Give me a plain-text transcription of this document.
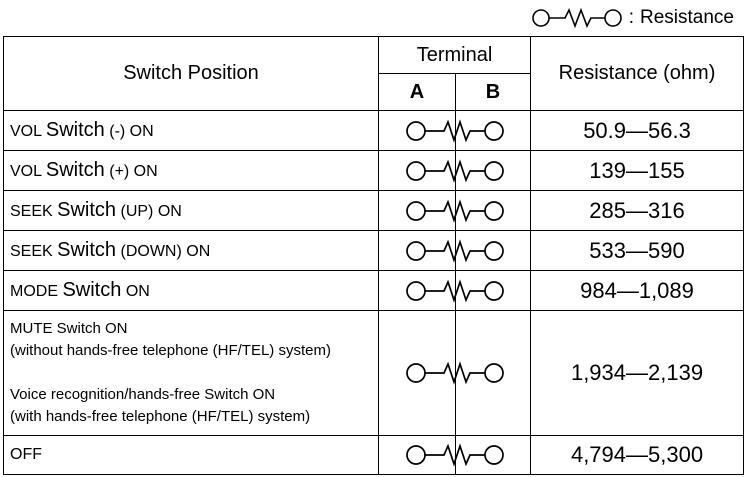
: Resistance
Switch Position	Terminal		Resistance (ohm)
	A	B	
VOL Switch (-) ON			50.9—56.3
VOL Switch (+) ON			139—155
SEEK Switch (UP) ON			285—316
SEEK Switch (DOWN) ON			533—590
MODE Switch ON			984—1,089

MUTE Switch ON
(without hands-free telephone (HF/TEL) system)
Voice recognition/hands-free Switch ON
(with hands-free telephone (HF/TEL) system)			1,934—2,139
OFF			4,794—5,300
